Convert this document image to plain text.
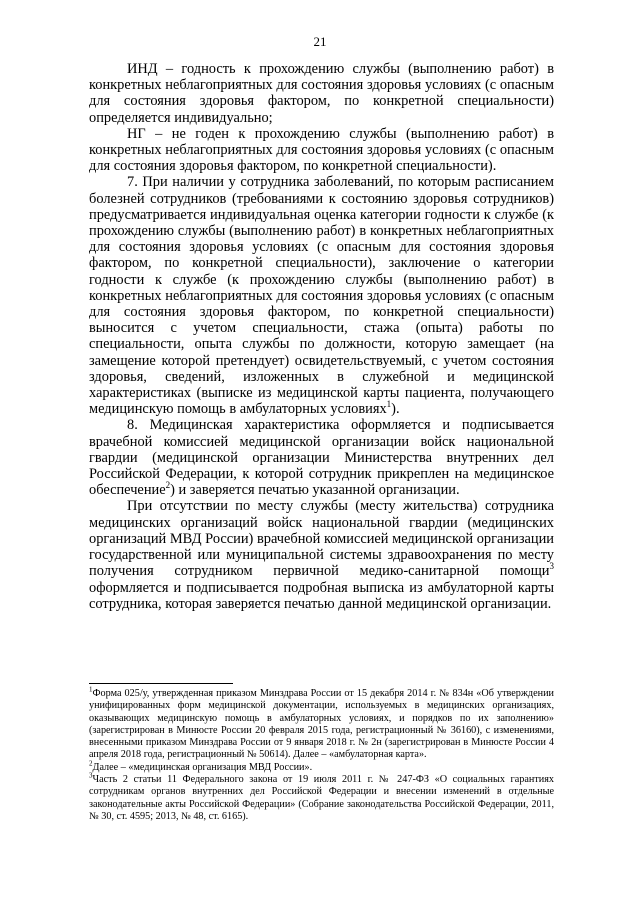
21

ИНД – годность к прохождению службы (выполнению работ) в конкретных неблагоприятных для состояния здоровья условиях (с опасным для состояния здоровья фактором, по конкретной специальности) определяется индивидуально;

НГ – не годен к прохождению службы (выполнению работ) в конкретных неблагоприятных для состояния здоровья условиях (с опасным для состояния здоровья фактором, по конкретной специальности).

7. При наличии у сотрудника заболеваний, по которым расписанием болезней сотрудников (требованиями к состоянию здоровья сотрудников) предусматривается индивидуальная оценка категории годности к службе (к прохождению службы (выполнению работ) в конкретных неблагоприятных для состояния здоровья условиях (с опасным для состояния здоровья фактором, по конкретной специальности), заключение о категории годности к службе (к прохождению службы (выполнению работ) в конкретных неблагоприятных для состояния здоровья условиях (с опасным для состояния здоровья фактором, по конкретной специальности) выносится с учетом специальности, стажа (опыта) работы по специальности, опыта службы по должности, которую замещает (на замещение которой претендует) освидетельствуемый, с учетом состояния здоровья, сведений, изложенных в служебной и медицинской характеристиках (выписке из медицинской карты пациента, получающего медицинскую помощь в амбулаторных условиях$^1$).

8. Медицинская характеристика оформляется и подписывается врачебной комиссией медицинской организации войск национальной гвардии (медицинской организации Министерства внутренних дел Российской Федерации, к которой сотрудник прикреплен на медицинское обеспечение$^2$) и заверяется печатью указанной организации.

При отсутствии по месту службы (месту жительства) сотрудника медицинских организаций войск национальной гвардии (медицинских организаций МВД России) врачебной комиссией медицинской организации государственной или муниципальной системы здравоохранения по месту получения сотрудником первичной медико-санитарной помощи$^3$ оформляется и подписывается подробная выписка из амбулаторной карты сотрудника, которая заверяется печатью данной медицинской организации.

$^1$Форма 025/у, утвержденная приказом Минздрава России от 15 декабря 2014 г. № 834н «Об утверждении унифицированных форм медицинской документации, используемых в медицинских организациях, оказывающих медицинскую помощь в амбулаторных условиях, и порядков по их заполнению» (зарегистрирован в Минюсте России 20 февраля 2015 года, регистрационный № 36160), с изменениями, внесенными приказом Минздрава России от 9 января 2018 г. № 2н (зарегистрирован в Минюсте России 4 апреля 2018 года, регистрационный № 50614). Далее – «амбулаторная карта».

$^2$Далее – «медицинская организация МВД России».

$^3$Часть 2 статьи 11 Федерального закона от 19 июля 2011 г. № 247-ФЗ «О социальных гарантиях сотрудникам органов внутренних дел Российской Федерации и внесении изменений в отдельные законодательные акты Российской Федерации» (Собрание законодательства Российской Федерации, 2011, № 30, ст. 4595; 2013, № 48, ст. 6165).
